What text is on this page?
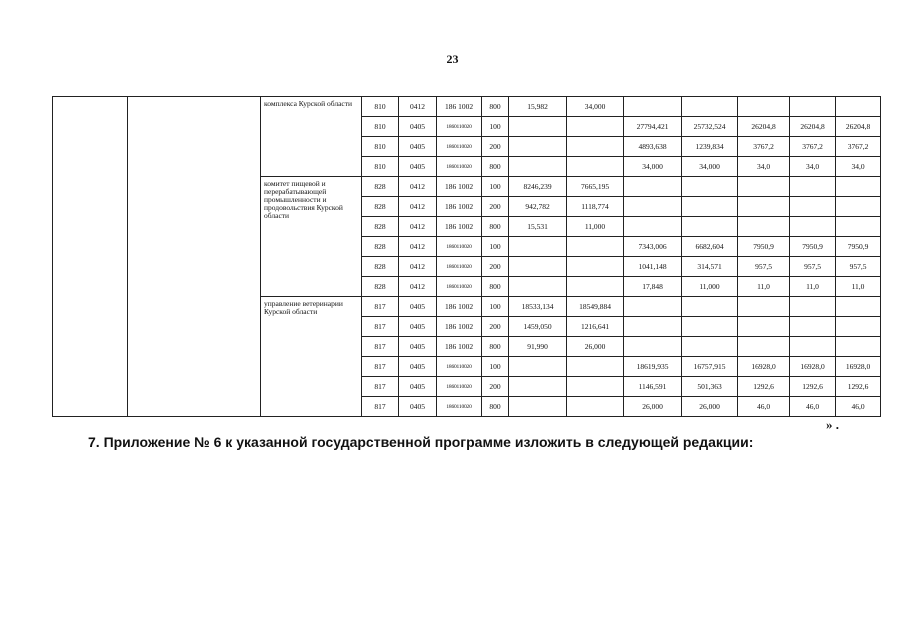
23
		комплекса Курской области	810	0412	186 1002	800	15,982	34,000					
			810	0405	1860110020	100			27794,421	25732,524	26204,8	26204,8	26204,8
			810	0405	1860110020	200			4893,638	1239,834	3767,2	3767,2	3767,2
			810	0405	1860110020	800			34,000	34,000	34,0	34,0	34,0
		комитет пищевой и перерабатывающей промышленности и продовольствия Курской области	828	0412	186 1002	100	8246,239	7665,195					
			828	0412	186 1002	200	942,782	1118,774					
			828	0412	186 1002	800	15,531	11,000					
			828	0412	1860110020	100			7343,006	6682,604	7950,9	7950,9	7950,9
			828	0412	1860110020	200			1041,148	314,571	957,5	957,5	957,5
			828	0412	1860110020	800			17,848	11,000	11,0	11,0	11,0
		управление ветеринарии Курской области	817	0405	186 1002	100	18533,134	18549,884					
			817	0405	186 1002	200	1459,050	1216,641					
			817	0405	186 1002	800	91,990	26,000					
			817	0405	1860110020	100			18619,935	16757,915	16928,0	16928,0	16928,0
			817	0405	1860110020	200			1146,591	501,363	1292,6	1292,6	1292,6
			817	0405	1860110020	800			26,000	26,000	46,0	46,0	46,0
» .
7. Приложение № 6 к указанной государственной программе изложить в следующей редакции:
